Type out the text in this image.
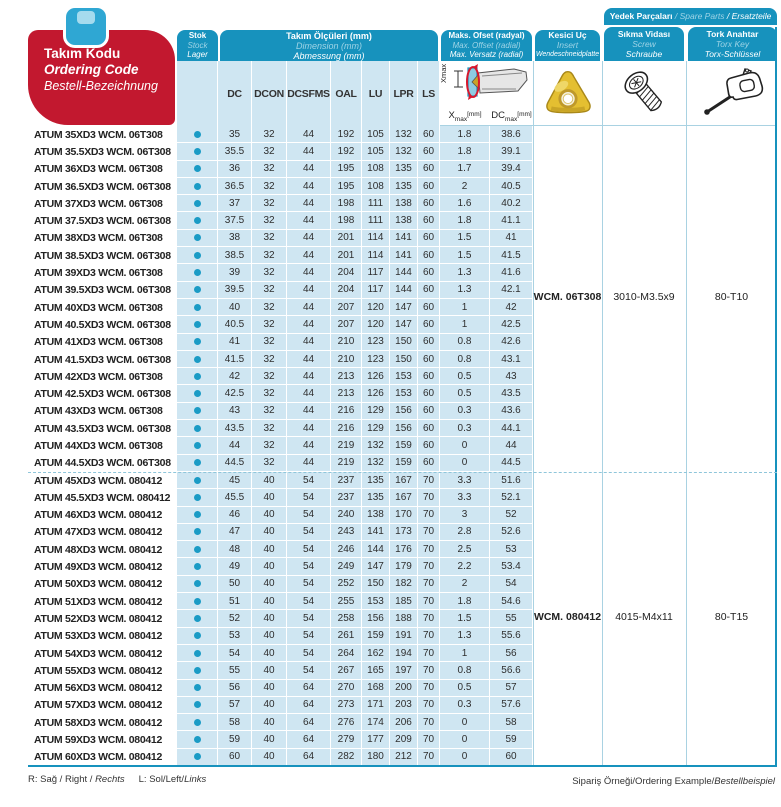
Takım Kodu
Ordering Code
Bestell-Bezeichnung
Stok
Stock
Lager
Takım Ölçüleri (mm)
Dimension (mm)
Abmessung (mm)
DC	DCON DCSFMS OAL	LU	LPR LS
Maks. Ofset (radyal)
Max. Offset (radial)
Max. Versatz (radial)
Xmax
$X_{max}[mm]$	$DC_{max}[mm]$
Kesici Uç
Insert
Wendeschneidplatte
Yedek Parçaları / Spare Parts / Ersatzteile
Sıkma Vidası
Screw
Schraube
Tork Anahtar
Torx Key
Torx-Schlüssel
ATUM 35XD3 WCM. 06T308	35	32	44	192	105	132	60	1.8	38.6
ATUM 35.5XD3 WCM. 06T308	35.5	32	44	192	105	132	60	1.8	39.1
ATUM 36XD3 WCM. 06T308	36	32	44	195	108	135	60	1.7	39.4
ATUM 36.5XD3 WCM. 06T308	36.5	32	44	195	108	135	60	2	40.5
ATUM 37XD3 WCM. 06T308	37	32	44	198	111	138	60	1.6	40.2
ATUM 37.5XD3 WCM. 06T308	37.5	32	44	198	111	138	60	1.8	41.1
ATUM 38XD3 WCM. 06T308	38	32	44	201	114	141	60	1.5	41
ATUM 38.5XD3 WCM. 06T308	38.5	32	44	201	114	141	60	1.5	41.5
ATUM 39XD3 WCM. 06T308	39	32	44	204	117	144	60	1.3	41.6
ATUM 39.5XD3 WCM. 06T308	39.5	32	44	204	117	144	60	1.3	42.1
ATUM 40XD3 WCM. 06T308	40	32	44	207	120	147	60	1	42
ATUM 40.5XD3 WCM. 06T308	40.5	32	44	207	120	147	60	1	42.5
ATUM 41XD3 WCM. 06T308	41	32	44	210	123	150	60	0.8	42.6
ATUM 41.5XD3 WCM. 06T308	41.5	32	44	210	123	150	60	0.8	43.1
ATUM 42XD3 WCM. 06T308	42	32	44	213	126	153	60	0.5	43
ATUM 42.5XD3 WCM. 06T308	42.5	32	44	213	126	153	60	0.5	43.5
ATUM 43XD3 WCM. 06T308	43	32	44	216	129	156	60	0.3	43.6
ATUM 43.5XD3 WCM. 06T308	43.5	32	44	216	129	156	60	0.3	44.1
ATUM 44XD3 WCM. 06T308	44	32	44	219	132	159	60	0	44
ATUM 44.5XD3 WCM. 06T308	44.5	32	44	219	132	159	60	0	44.5
ATUM 45XD3 WCM. 080412	45	40	54	237	135	167	70	3.3	51.6
ATUM 45.5XD3 WCM. 080412	45.5	40	54	237	135	167	70	3.3	52.1
ATUM 46XD3 WCM. 080412	46	40	54	240	138	170	70	3	52
ATUM 47XD3 WCM. 080412	47	40	54	243	141	173	70	2.8	52.6
ATUM 48XD3 WCM. 080412	48	40	54	246	144	176	70	2.5	53
ATUM 49XD3 WCM. 080412	49	40	54	249	147	179	70	2.2	53.4
ATUM 50XD3 WCM. 080412	50	40	54	252	150	182	70	2	54
ATUM 51XD3 WCM. 080412	51	40	54	255	153	185	70	1.8	54.6
ATUM 52XD3 WCM. 080412	52	40	54	258	156	188	70	1.5	55
ATUM 53XD3 WCM. 080412	53	40	54	261	159	191	70	1.3	55.6
ATUM 54XD3 WCM. 080412	54	40	54	264	162	194	70	1	56
ATUM 55XD3 WCM. 080412	55	40	54	267	165	197	70	0.8	56.6
ATUM 56XD3 WCM. 080412	56	40	64	270	168	200	70	0.5	57
ATUM 57XD3 WCM. 080412	57	40	64	273	171	203	70	0.3	57.6
ATUM 58XD3 WCM. 080412	58	40	64	276	174	206	70	0	58
ATUM 59XD3 WCM. 080412	59	40	64	279	177	209	70	0	59
ATUM 60XD3 WCM. 080412	60	40	64	282	180	212	70	0	60
WCM. 06T308	3010-M3.5x9	80-T10
WCM. 080412	4015-M4x11	80-T15
R: Sağ / Right / Rechts L: Sol/Left/Links	Sipariş Örneği/Ordering Example/Bestellbeispiel
